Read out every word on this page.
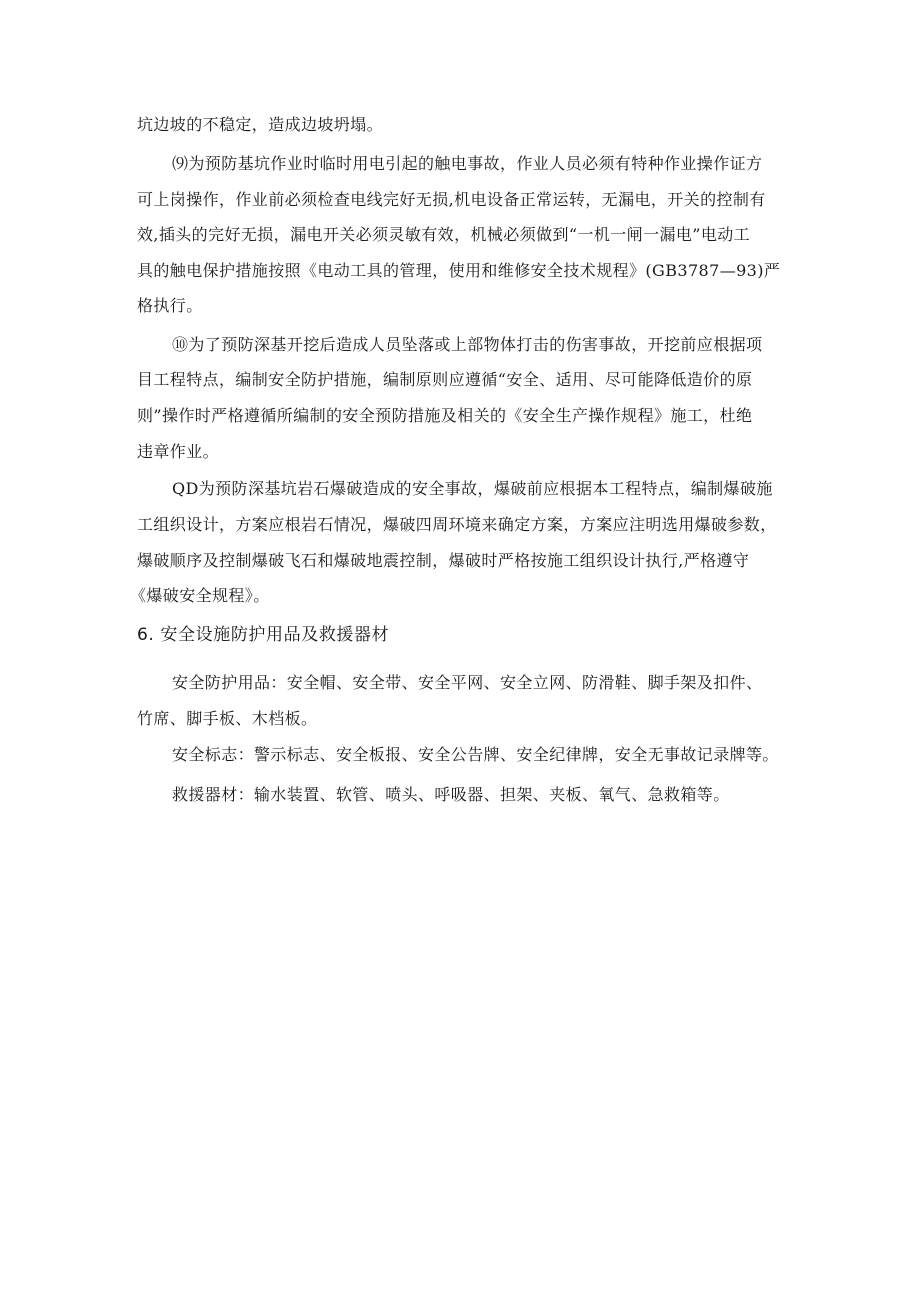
坑边坡的不稳定，造成边坡坍塌。
⑼为预防基坑作业时临时用电引起的触电事故，作业人员必须有特种作业操作证方
可上岗操作，作业前必须检查电线完好无损,机电设备正常运转，无漏电，开关的控制有
效,插头的完好无损，漏电开关必须灵敏有效，机械必须做到“一机一闸一漏电”电动工
具的触电保护措施按照《电动工具的管理，使用和维修安全技术规程》(GB3787—93)严
格执行。
⑩为了预防深基开挖后造成人员坠落或上部物体打击的伤害事故，开挖前应根据项
目工程特点，编制安全防护措施，编制原则应遵循“安全、适用、尽可能降低造价的原
则”操作时严格遵循所编制的安全预防措施及相关的《安全生产操作规程》施工，杜绝
违章作业。
QD为预防深基坑岩石爆破造成的安全事故，爆破前应根据本工程特点，编制爆破施
工组织设计，方案应根岩石情况，爆破四周环境来确定方案，方案应注明选用爆破参数，
爆破顺序及控制爆破飞石和爆破地震控制，爆破时严格按施工组织设计执行,严格遵守
《爆破安全规程》。
6. 安全设施防护用品及救援器材
安全防护用品：安全帽、安全带、安全平网、安全立网、防滑鞋、脚手架及扣件、
竹席、脚手板、木档板。
安全标志：警示标志、安全板报、安全公告牌、安全纪律牌，安全无事故记录牌等。
救援器材：输水装置、软管、喷头、呼吸器、担架、夹板、氧气、急救箱等。
